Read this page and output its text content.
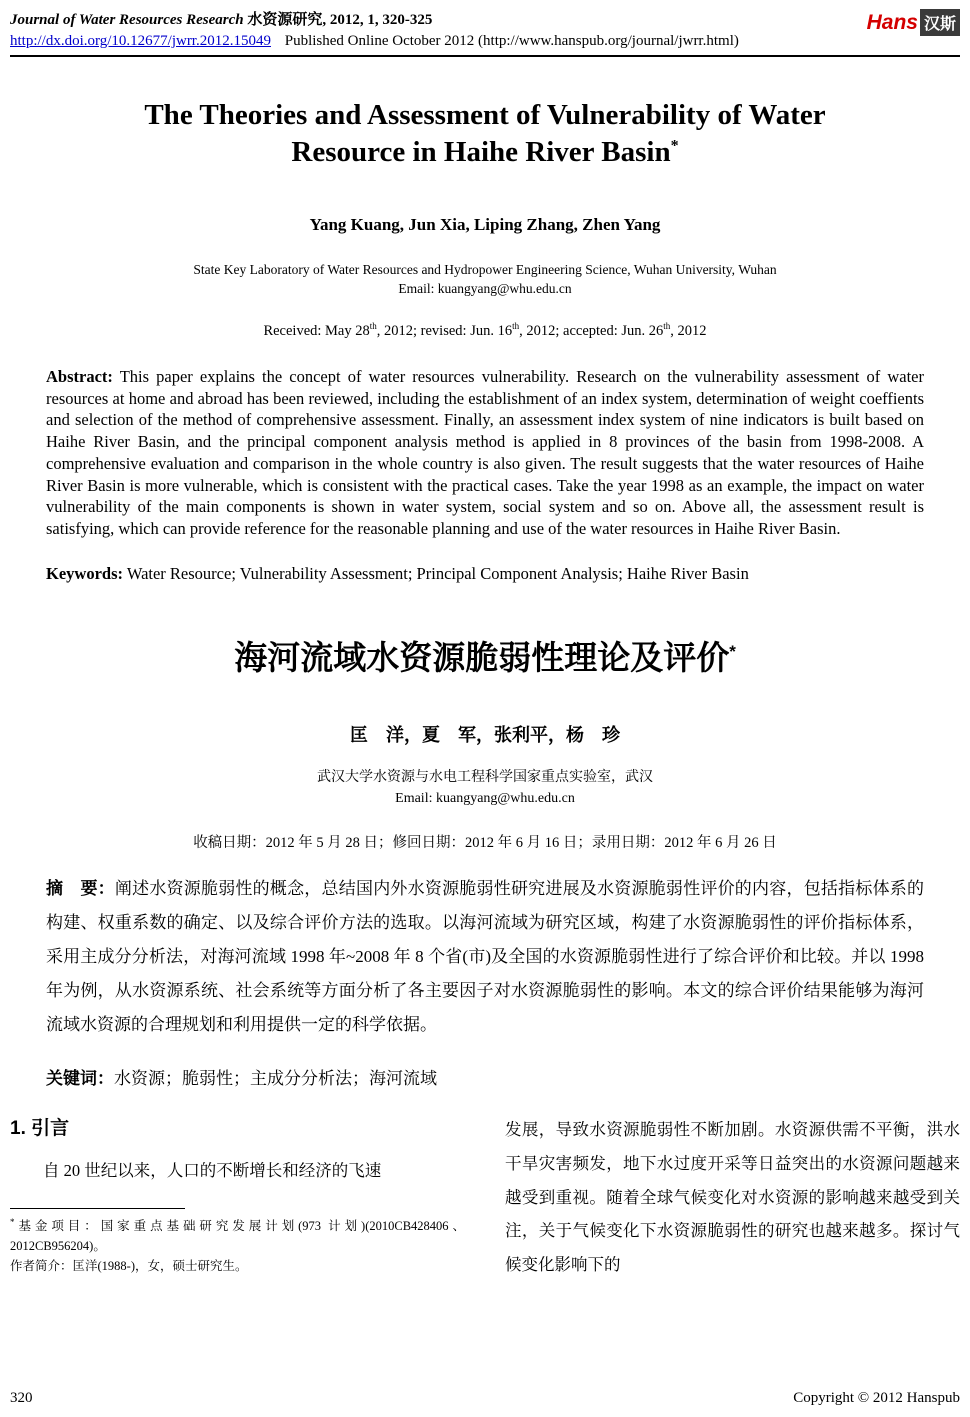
Journal of Water Resources Research 水资源研究, 2012, 1, 320-325
http://dx.doi.org/10.12677/jwrr.2012.15049 Published Online October 2012 (http://www.hanspub.org/journal/jwrr.html)
Hans 汉斯
The Theories and Assessment of Vulnerability of Water
Resource in Haihe River Basin*

Yang Kuang, Jun Xia, Liping Zhang, Zhen Yang

State Key Laboratory of Water Resources and Hydropower Engineering Science, Wuhan University, Wuhan
Email: kuangyang@whu.edu.cn

Received: May 28th, 2012; revised: Jun. 16th, 2012; accepted: Jun. 26th, 2012

Abstract: This paper explains the concept of water resources vulnerability. Research on the vulnerability assessment of water resources at home and abroad has been reviewed, including the establishment of an index system, determination of weight coeffients and selection of the method of comprehensive assessment. Finally, an assessment index system of nine indicators is built based on Haihe River Basin, and the principal component analysis method is applied in 8 provinces of the basin from 1998-2008. A comprehensive evaluation and comparison in the whole country is also given. The result suggests that the water resources of Haihe River Basin is more vulnerable, which is consistent with the practical cases. Take the year 1998 as an example, the impact on water vulnerability of the main components is shown in water system, social system and so on. Above all, the assessment result is satisfying, which can provide reference for the reasonable planning and use of the water resources in Haihe River Basin.

Keywords: Water Resource; Vulnerability Assessment; Principal Component Analysis; Haihe River Basin

海河流域水资源脆弱性理论及评价*

匡　洋，夏　军，张利平，杨　珍

武汉大学水资源与水电工程科学国家重点实验室，武汉
Email: kuangyang@whu.edu.cn

收稿日期：2012 年 5 月 28 日；修回日期：2012 年 6 月 16 日；录用日期：2012 年 6 月 26 日

摘　要：阐述水资源脆弱性的概念，总结国内外水资源脆弱性研究进展及水资源脆弱性评价的内容，包括指标体系的构建、权重系数的确定、以及综合评价方法的选取。以海河流域为研究区域，构建了水资源脆弱性的评价指标体系，采用主成分分析法，对海河流域 1998 年~2008 年 8 个省(市)及全国的水资源脆弱性进行了综合评价和比较。并以 1998 年为例，从水资源系统、社会系统等方面分析了各主要因子对水资源脆弱性的影响。本文的综合评价结果能够为海河流域水资源的合理规划和利用提供一定的科学依据。

关键词：水资源；脆弱性；主成分分析法；海河流域

1. 引言

自 20 世纪以来，人口的不断增长和经济的飞速

*基金项目：国家重点基础研究发展计划(973 计划)(2010CB428406、2012CB956204)。

作者简介：匡洋(1988-)，女，硕士研究生。

发展，导致水资源脆弱性不断加剧。水资源供需不平衡，洪水干旱灾害频发，地下水过度开采等日益突出的水资源问题越来越受到重视。随着全球气候变化对水资源的影响越来越受到关注，关于气候变化下水资源脆弱性的研究也越来越多。探讨气候变化影响下的

320	Copyright © 2012 Hanspub
